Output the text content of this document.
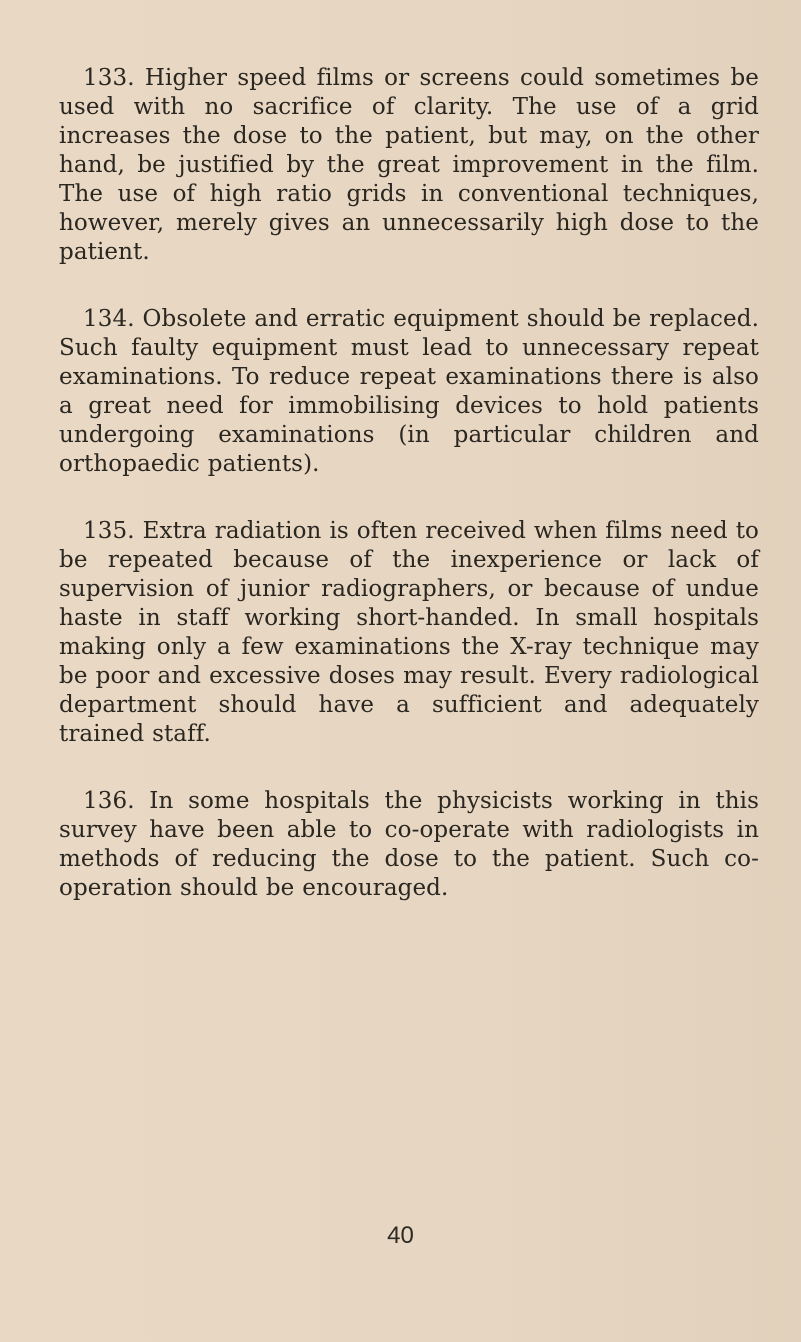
133. Higher speed films or screens could sometimes be used with no sacrifice of clarity. The use of a grid increases the dose to the patient, but may, on the other hand, be justified by the great improvement in the film. The use of high ratio grids in conventional techniques, however, merely gives an unnecessarily high dose to the patient.

134. Obsolete and erratic equipment should be replaced. Such faulty equipment must lead to unnecessary repeat examinations. To reduce repeat examinations there is also a great need for immobilising devices to hold patients undergoing examinations (in particular children and orthopaedic patients).

135. Extra radiation is often received when films need to be repeated because of the inexperience or lack of supervision of junior radiographers, or because of undue haste in staff working short-handed. In small hospitals making only a few examinations the X-ray technique may be poor and excessive doses may result. Every radiological department should have a sufficient and adequately trained staff.

136. In some hospitals the physicists working in this survey have been able to co-operate with radiologists in methods of reducing the dose to the patient. Such co-operation should be encouraged.

40
